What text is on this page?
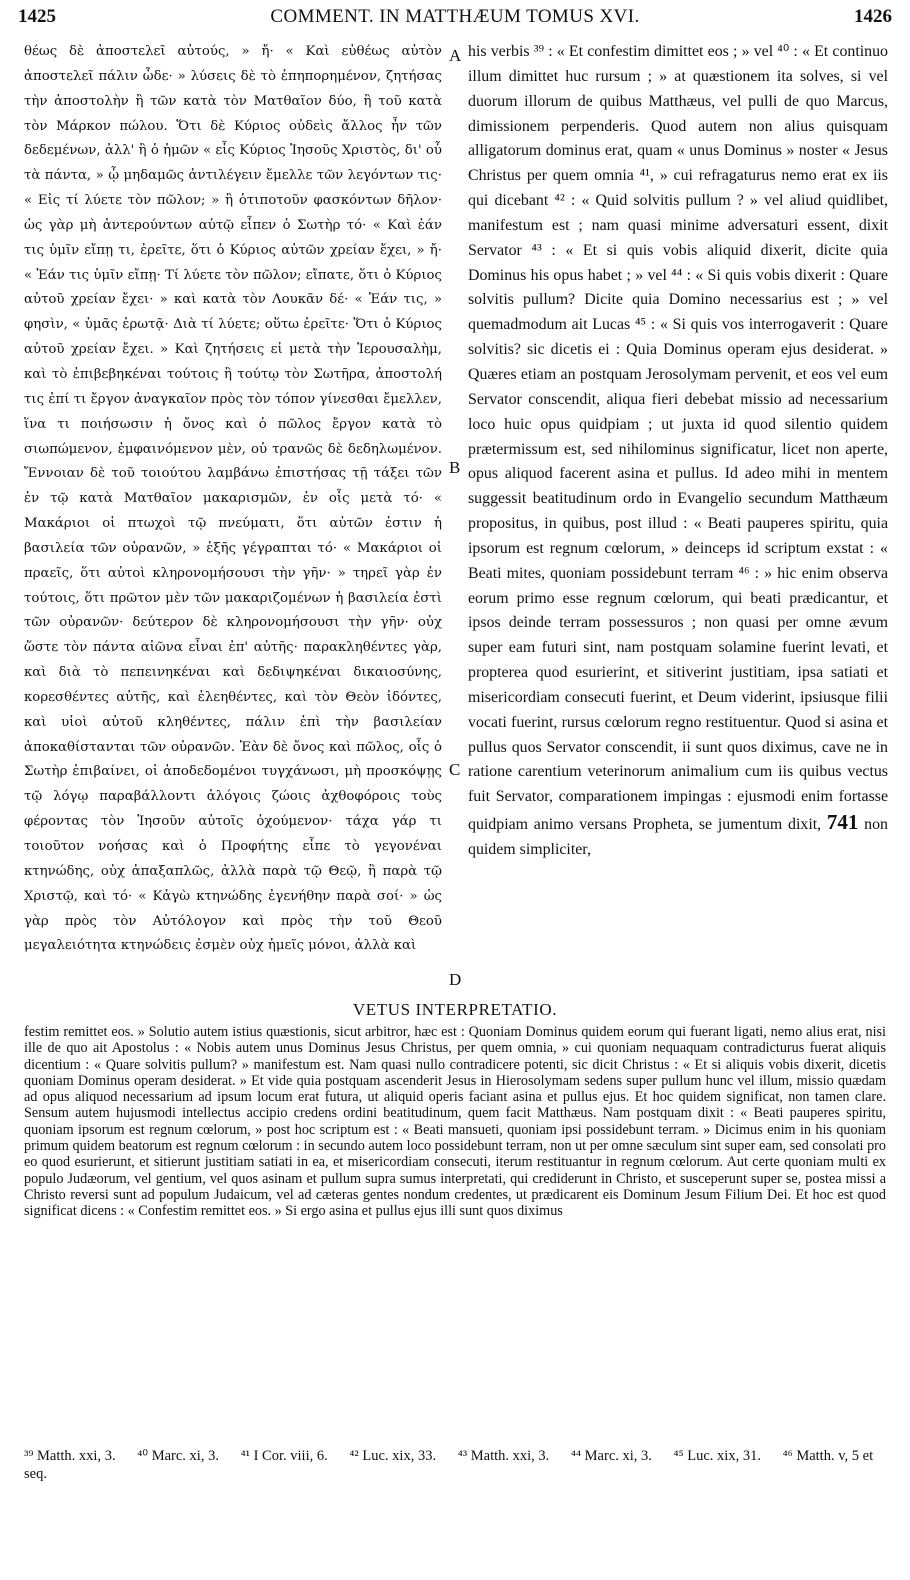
1425	COMMENT. IN MATTHÆUM TOMUS XVI.	1426

θέως δὲ ἀποστελεῖ αὐτούς, » ἤ· « Καὶ εὐθέως αὐτὸν ἀποστελεῖ πάλιν ὧδε· » λύσεις δὲ τὸ ἐπηπορημένον, ζητήσας τὴν ἀποστολὴν ἢ τῶν κατὰ τὸν Ματθαῖον δύο, ἢ τοῦ κατὰ τὸν Μάρκον πώλου. Ὅτι δὲ Κύριος οὐδεὶς ἄλλος ἦν τῶν δεδεμένων, ἀλλ' ἢ ὁ ἡμῶν « εἷς Κύριος Ἰησοῦς Χριστὸς, δι' οὗ τὰ πάντα, » ᾧ μηδαμῶς ἀντιλέγειν ἔμελλε τῶν λεγόντων τις· « Εἰς τί λύετε τὸν πῶλον; » ἢ ὁτιποτοῦν φασκόντων δῆλον· ὡς γὰρ μὴ ἀντερούντων αὐτῷ εἶπεν ὁ Σωτὴρ τό· « Καὶ ἐάν τις ὑμῖν εἴπῃ τι, ἐρεῖτε, ὅτι ὁ Κύριος αὐτῶν χρείαν ἔχει, » ἤ· « Ἐάν τις ὑμῖν εἴπῃ· Τί λύετε τὸν πῶλον; εἴπατε, ὅτι ὁ Κύριος αὐτοῦ χρείαν ἔχει· » καὶ κατὰ τὸν Λουκᾶν δέ· « Ἐάν τις, » φησὶν, « ὑμᾶς ἐρωτᾷ· Διὰ τί λύετε; οὕτω ἐρεῖτε· Ὅτι ὁ Κύριος αὐτοῦ χρείαν ἔχει. » Καὶ ζητήσεις εἰ μετὰ τὴν Ἱερουσαλὴμ, καὶ τὸ ἐπιβεβηκέναι τούτοις ἢ τούτῳ τὸν Σωτῆρα, ἀποστολή τις ἐπί τι ἔργον ἀναγκαῖον πρὸς τὸν τόπον γίνεσθαι ἔμελλεν, ἵνα τι ποιήσωσιν ἡ ὄνος καὶ ὁ πῶλος ἔργον κατὰ τὸ σιωπώμενον, ἐμφαινόμενον μὲν, οὐ τρανῶς δὲ δεδηλωμένον. Ἔννοιαν δὲ τοῦ τοιούτου λαμβάνω ἐπιστήσας τῇ τάξει τῶν ἐν τῷ κατὰ Ματθαῖον μακαρισμῶν, ἐν οἷς μετὰ τό· « Μακάριοι οἱ πτωχοὶ τῷ πνεύματι, ὅτι αὐτῶν ἐστιν ἡ βασιλεία τῶν οὐρανῶν, » ἑξῆς γέγραπται τό· « Μακάριοι οἱ πραεῖς, ὅτι αὐτοὶ κληρονομήσουσι τὴν γῆν· » τηρεῖ γὰρ ἐν τούτοις, ὅτι πρῶτον μὲν τῶν μακαριζομένων ἡ βασιλεία ἐστὶ τῶν οὐρανῶν· δεύτερον δὲ κληρονομήσουσι τὴν γῆν· οὐχ ὥστε τὸν πάντα αἰῶνα εἶναι ἐπ' αὐτῆς· παρακληθέντες γὰρ, καὶ διὰ τὸ πεπεινηκέναι καὶ δεδιψηκέναι δικαιοσύνης, κορεσθέντες αὐτῆς, καὶ ἐλεηθέντες, καὶ τὸν Θεὸν ἰδόντες, καὶ υἱοὶ αὐτοῦ κληθέντες, πάλιν ἐπὶ τὴν βασιλείαν ἀποκαθίστανται τῶν οὐρανῶν. Ἐὰν δὲ ὄνος καὶ πῶλος, οἷς ὁ Σωτὴρ ἐπιβαίνει, οἱ ἀποδεδομένοι τυγχάνωσι, μὴ προσκόψῃς τῷ λόγῳ παραβάλλοντι ἀλόγοις ζώοις ἀχθοφόροις τοὺς φέροντας τὸν Ἰησοῦν αὐτοῖς ὀχούμενον· τάχα γάρ τι τοιοῦτον νοήσας καὶ ὁ Προφήτης εἶπε τὸ γεγονέναι κτηνώδης, οὐχ ἁπαξαπλῶς, ἀλλὰ παρὰ τῷ Θεῷ, ἢ παρὰ τῷ Χριστῷ, καὶ τό· « Κἀγὼ κτηνώδης ἐγενήθην παρὰ σοί· » ὡς γὰρ πρὸς τὸν Αὐτόλογον καὶ πρὸς τὴν τοῦ Θεοῦ μεγαλειότητα κτηνώδεις ἐσμὲν οὐχ ἡμεῖς μόνοι, ἀλλὰ καὶ

A
B
C
D

his verbis ³⁹ : « Et confestim dimittet eos ; » vel ⁴⁰ : « Et continuo illum dimittet huc rursum ; » at quæstionem ita solves, si vel duorum illorum de quibus Matthæus, vel pulli de quo Marcus, dimissionem perpenderis. Quod autem non alius quisquam alligatorum dominus erat, quam « unus Dominus » noster « Jesus Christus per quem omnia ⁴¹, » cui refragaturus nemo erat ex iis qui dicebant ⁴² : « Quid solvitis pullum ? » vel aliud quidlibet, manifestum est ; nam quasi minime adversaturi essent, dixit Servator ⁴³ : « Et si quis vobis aliquid dixerit, dicite quia Dominus his opus habet ; » vel ⁴⁴ : « Si quis vobis dixerit : Quare solvitis pullum? Dicite quia Domino necessarius est ; » vel quemadmodum ait Lucas ⁴⁵ : « Si quis vos interrogaverit : Quare solvitis? sic dicetis ei : Quia Dominus operam ejus desiderat. » Quæres etiam an postquam Jerosolymam pervenit, et eos vel eum Servator conscendit, aliqua fieri debebat missio ad necessarium loco huic opus quidpiam ; ut juxta id quod silentio quidem prætermissum est, sed nihilominus significatur, licet non aperte, opus aliquod facerent asina et pullus. Id adeo mihi in mentem suggessit beatitudinum ordo in Evangelio secundum Matthæum propositus, in quibus, post illud : « Beati pauperes spiritu, quia ipsorum est regnum cœlorum, » deinceps id scriptum exstat : « Beati mites, quoniam possidebunt terram ⁴⁶ : » hic enim observa eorum primo esse regnum cœlorum, qui beati prædicantur, et ipsos deinde terram possessuros ; non quasi per omne ævum super eam futuri sint, nam postquam solamine fuerint levati, et propterea quod esurierint, et sitiverint justitiam, ipsa satiati et misericordiam consecuti fuerint, et Deum viderint, ipsiusque filii vocati fuerint, rursus cœlorum regno restituentur. Quod si asina et pullus quos Servator conscendit, ii sunt quos diximus, cave ne in ratione carentium veterinorum animalium cum iis quibus vectus fuit Servator, comparationem impingas : ejusmodi enim fortasse quidpiam animo versans Propheta, se jumentum dixit, 741 non quidem simpliciter,

VETUS INTERPRETATIO.

festim remittet eos. » Solutio autem istius quæstionis, sicut arbitror, hæc est : Quoniam Dominus quidem eorum qui fuerant ligati, nemo alius erat, nisi ille de quo ait Apostolus : « Nobis autem unus Dominus Jesus Christus, per quem omnia, » cui quoniam nequaquam contradicturus fuerat aliquis dicentium : « Quare solvitis pullum? » manifestum est. Nam quasi nullo contradicere potenti, sic dicit Christus : « Et si aliquis vobis dixerit, dicetis quoniam Dominus operam desiderat. » Et vide quia postquam ascenderit Jesus in Hierosolymam sedens super pullum hunc vel illum, missio quædam ad opus aliquod necessarium ad ipsum locum erat futura, ut aliquid operis faciant asina et pullus ejus. Et hoc quidem significat, non tamen clare. Sensum autem hujusmodi intellectus accipio credens ordini beatitudinum, quem facit Matthæus. Nam postquam dixit : « Beati pauperes spiritu, quoniam ipsorum est regnum cœlorum, » post hoc scriptum est : « Beati mansueti, quoniam ipsi possidebunt terram. » Dicimus enim in his quoniam primum quidem beatorum est regnum cœlorum : in secundo autem loco possidebunt terram, non ut per omne sæculum sint super eam, sed consolati pro eo quod esurierunt, et sitierunt justitiam satiati in ea, et misericordiam consecuti, iterum restituantur in regnum cœlorum. Aut certe quoniam multi ex populo Judæorum, vel gentium, vel quos asinam et pullum supra sumus interpretati, qui crediderunt in Christo, et susceperunt super se, postea missi a Christo reversi sunt ad populum Judaicum, vel ad cæteras gentes nondum credentes, ut prædicarent eis Dominum Jesum Filium Dei. Et hoc est quod significat dicens : « Confestim remittet eos. » Si ergo asina et pullus ejus illi sunt quos diximus

³⁹ Matth. xxi, 3. ⁴⁰ Marc. xi, 3. ⁴¹ I Cor. viii, 6. ⁴² Luc. xix, 33. ⁴³ Matth. xxi, 3. ⁴⁴ Marc. xi, 3. ⁴⁵ Luc. xix, 31. ⁴⁶ Matth. v, 5 et seq.
